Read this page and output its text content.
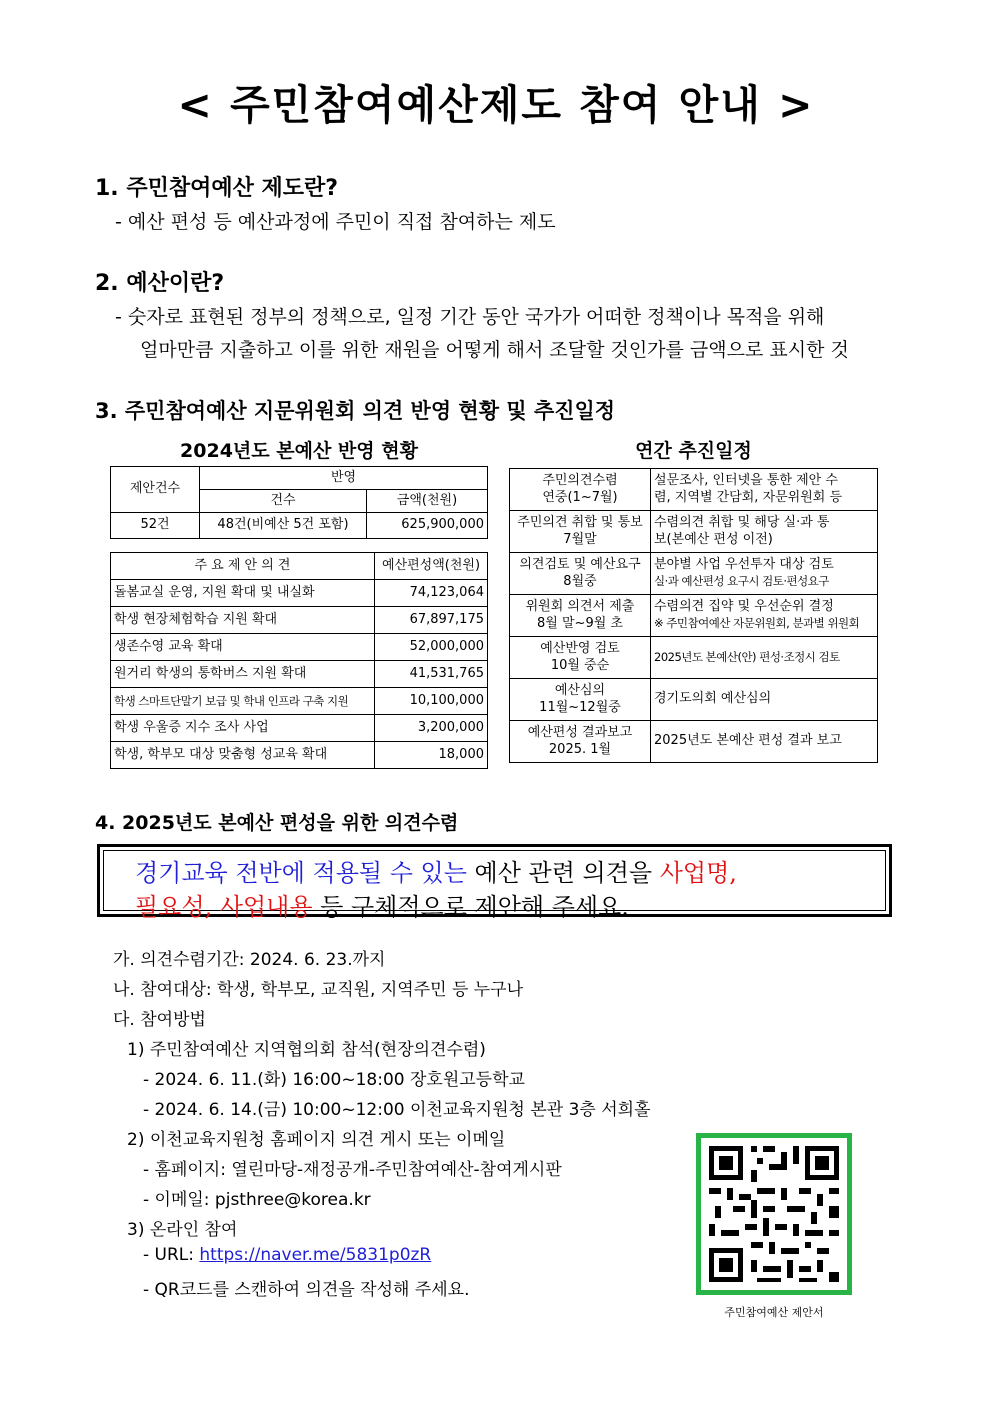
< 주민참여예산제도 참여 안내 >
1. 주민참여예산 제도란?
- 예산 편성 등 예산과정에 주민이 직접 참여하는 제도
2. 예산이란?
- 숫자로 표현된 정부의 정책으로, 일정 기간 동안 국가가 어떠한 정책이나 목적을 위해
얼마만큼 지출하고 이를 위한 재원을 어떻게 해서 조달할 것인가를 금액으로 표시한 것
3. 주민참여예산 지문위원회 의견 반영 현황 및 추진일정
2024년도 본예산 반영 현황	연간 추진일정
제안건수	반영	
	건수	금액(천원)
52건	48건(비예산 5건 포함)	625,900,000
주 요 제 안 의 견	예산편성액(천원)
돌봄교실 운영, 지원 확대 및 내실화	74,123,064
학생 현장체험학습 지원 확대	67,897,175
생존수영 교육 확대	52,000,000
원거리 학생의 통학버스 지원 확대	41,531,765
학생 스마트단말기 보급 및 학내 인프라 구축 지원	10,100,000
학생 우울증 지수 조사 사업	3,200,000
학생, 학부모 대상 맞춤형 성교육 확대	18,000
주민의견수렴
연중(1~7월)	설문조사, 인터넷을 통한 제안 수
렴, 지역별 간담회, 자문위원회 등
주민의견 취합 및 통보
7월말	수렴의견 취합 및 해당 실·과 통
보(본예산 편성 이전)
의견검토 및 예산요구
8월중	분야별 사업 우선투자 대상 검토
실·과 예산편성 요구시 검토·편성요구
위원회 의견서 제출
8월 말~9월 초	수렴의견 집약 및 우선순위 결정
※ 주민참여예산 자문위원회, 분과별 위원회
예산반영 검토
10월 중순	2025년도 본예산(안) 편성·조정시 검토
예산심의
11월~12월중	경기도의회 예산심의
예산편성 결과보고
2025. 1월	2025년도 본예산 편성 결과 보고
4. 2025년도 본예산 편성을 위한 의견수렴
경기교육 전반에 적용될 수 있는 예산 관련 의견을 사업명,
필요성, 사업내용 등 구체적으로 제안해 주세요.
가. 의견수렴기간: 2024. 6. 23.까지
나. 참여대상: 학생, 학부모, 교직원, 지역주민 등 누구나
다. 참여방법
1) 주민참여예산 지역협의회 참석(현장의견수렴)
- 2024. 6. 11.(화) 16:00~18:00 장호원고등학교
- 2024. 6. 14.(금) 10:00~12:00 이천교육지원청 본관 3층 서희홀
2) 이천교육지원청 홈페이지 의견 게시 또는 이메일
- 홈페이지: 열린마당-재정공개-주민참여예산-참여게시판
- 이메일: pjsthree@korea.kr
3) 온라인 참여
- URL: https://naver.me/5831p0zR
- QR코드를 스캔하여 의견을 작성해 주세요.
주민참여예산 제안서
